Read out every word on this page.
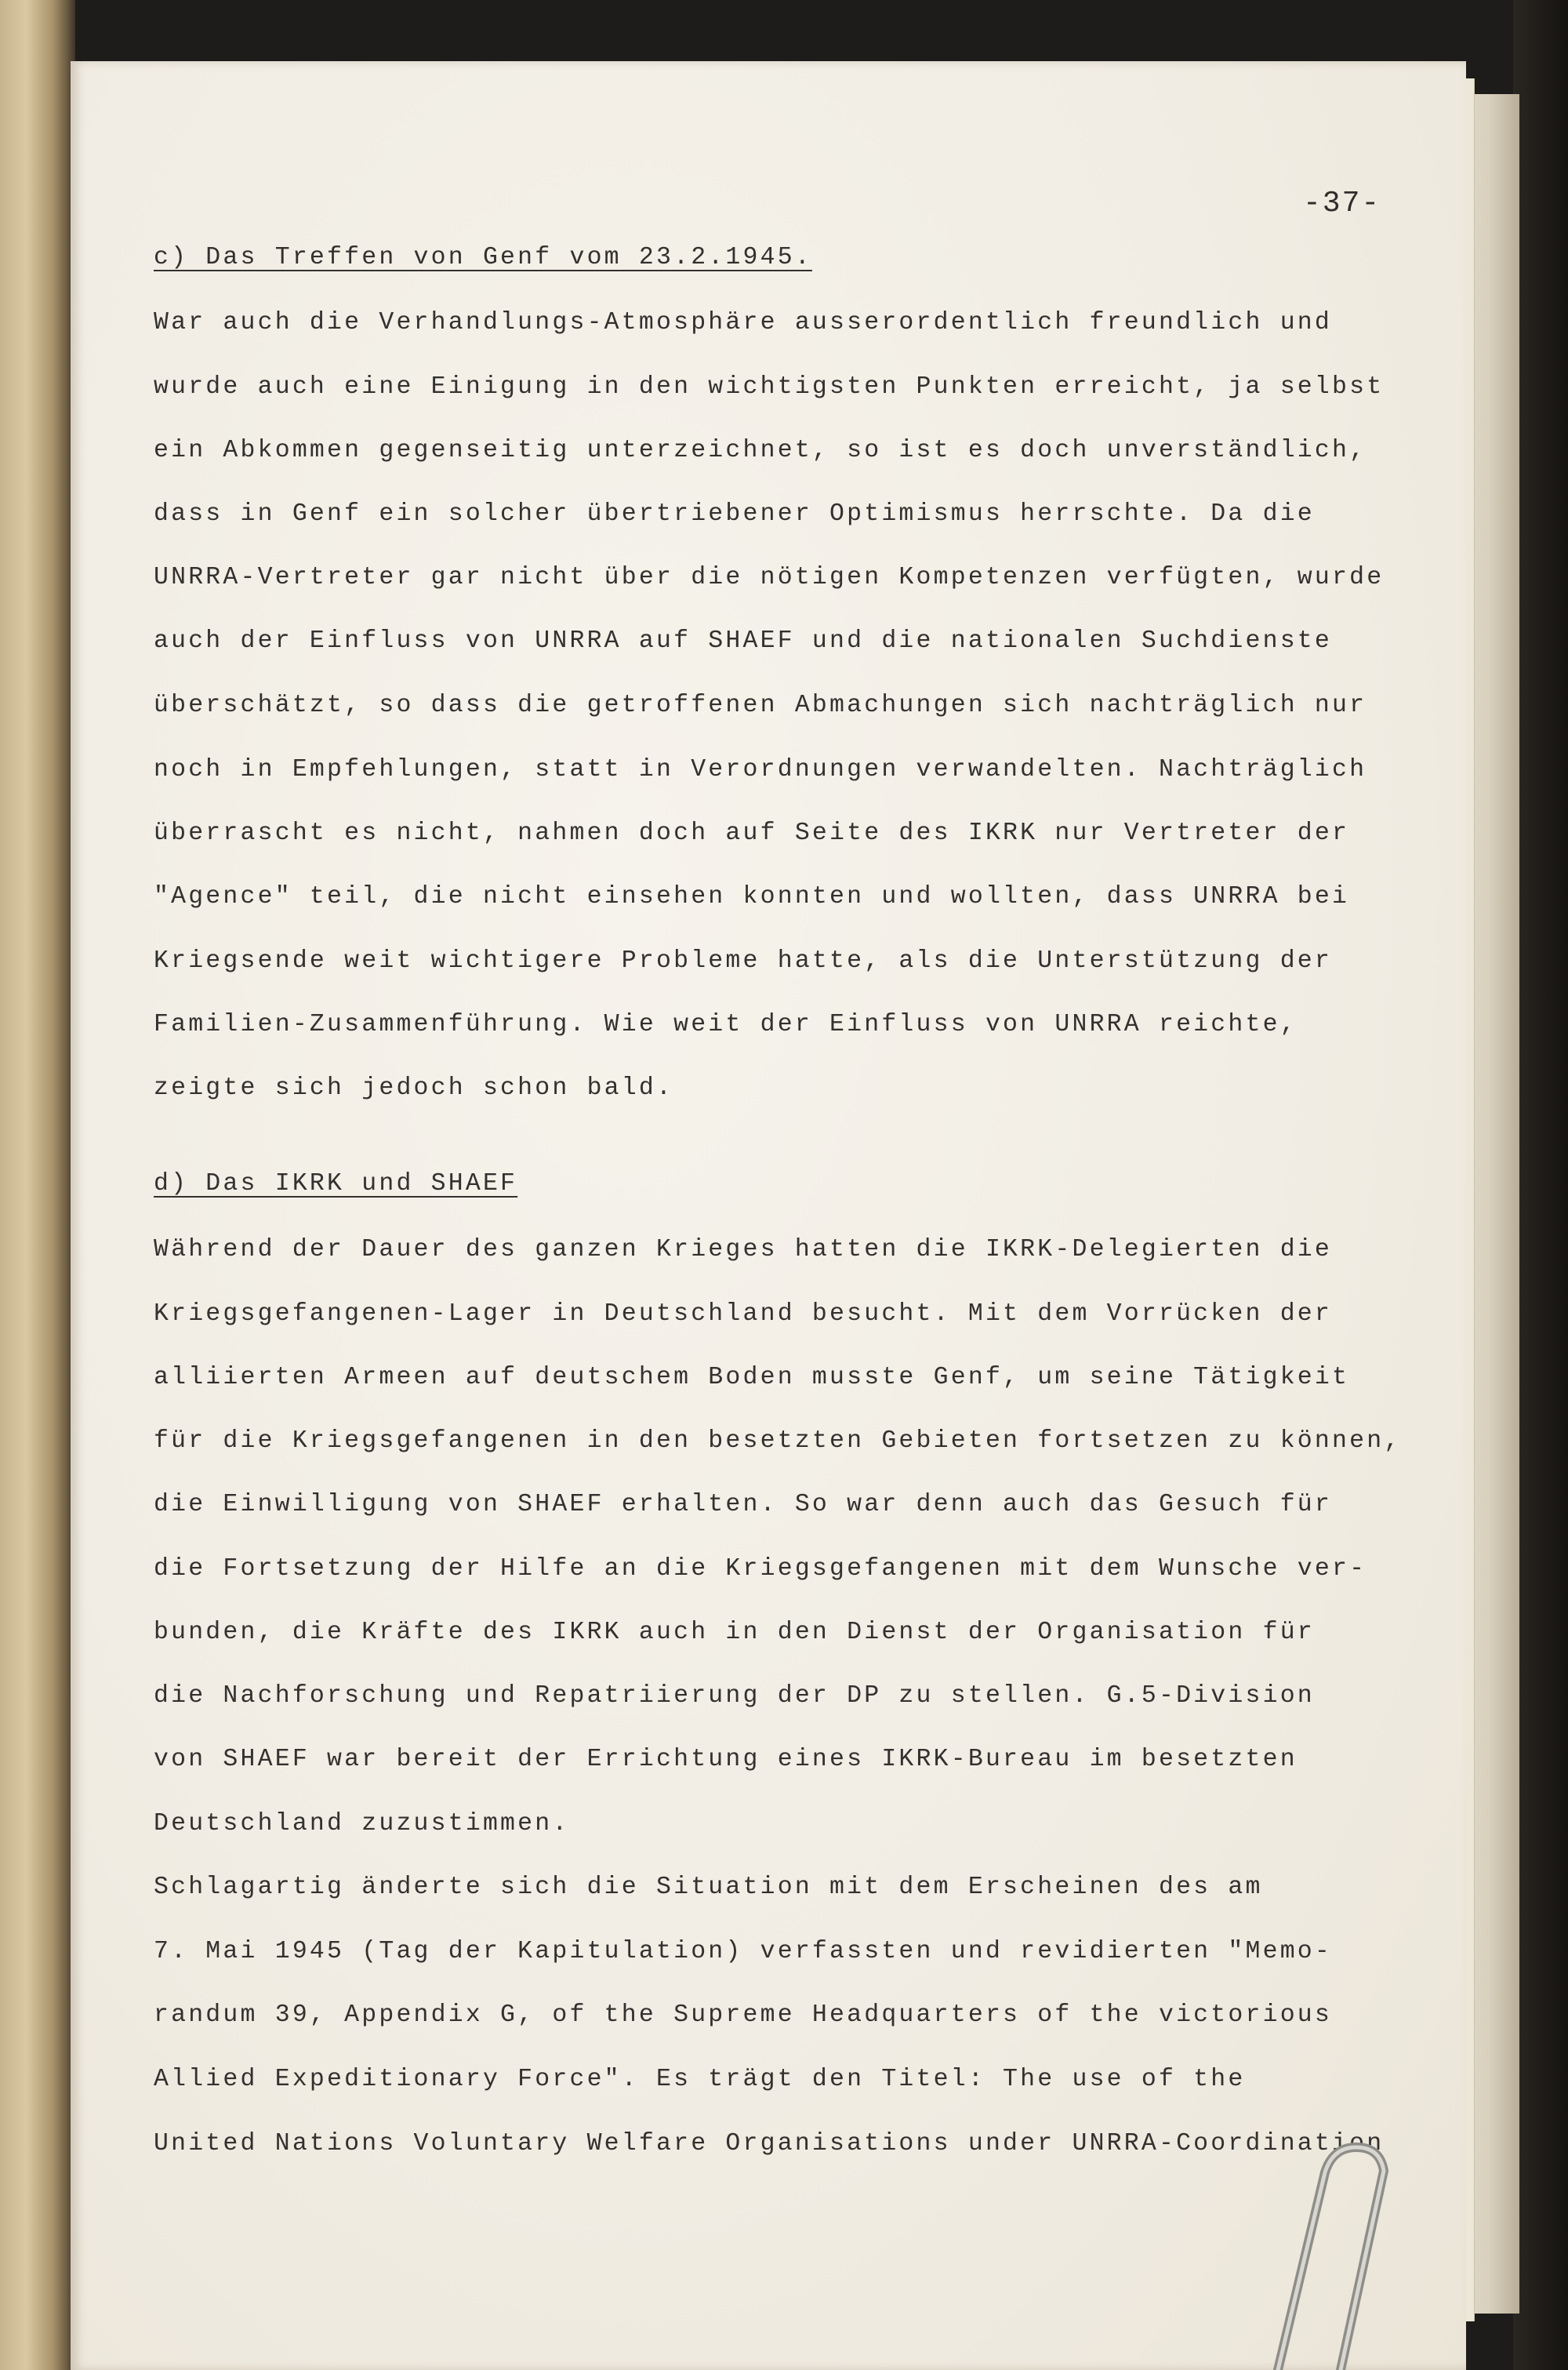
-37-
c) Das Treffen von Genf vom 23.2.1945.
War auch die Verhandlungs-Atmosphäre ausserordentlich freundlich und
wurde auch eine Einigung in den wichtigsten Punkten erreicht, ja selbst
ein Abkommen gegenseitig unterzeichnet, so ist es doch unverständlich,
dass in Genf ein solcher übertriebener Optimismus herrschte. Da die
UNRRA-Vertreter gar nicht über die nötigen Kompetenzen verfügten, wurde
auch der Einfluss von UNRRA auf SHAEF und die nationalen Suchdienste
überschätzt, so dass die getroffenen Abmachungen sich nachträglich nur
noch in Empfehlungen, statt in Verordnungen verwandelten. Nachträglich
überrascht es nicht, nahmen doch auf Seite des IKRK nur Vertreter der
"Agence" teil, die nicht einsehen konnten und wollten, dass UNRRA bei
Kriegsende weit wichtigere Probleme hatte, als die Unterstützung der
Familien-Zusammenführung. Wie weit der Einfluss von UNRRA reichte,
zeigte sich jedoch schon bald.
d) Das IKRK und SHAEF
Während der Dauer des ganzen Krieges hatten die IKRK-Delegierten die
Kriegsgefangenen-Lager in Deutschland besucht. Mit dem Vorrücken der
alliierten Armeen auf deutschem Boden musste Genf, um seine Tätigkeit
für die Kriegsgefangenen in den besetzten Gebieten fortsetzen zu können,
die Einwilligung von SHAEF erhalten. So war denn auch das Gesuch für
die Fortsetzung der Hilfe an die Kriegsgefangenen mit dem Wunsche ver-
bunden, die Kräfte des IKRK auch in den Dienst der Organisation für
die Nachforschung und Repatriierung der DP zu stellen. G.5-Division
von SHAEF war bereit der Errichtung eines IKRK-Bureau im besetzten
Deutschland zuzustimmen.
Schlagartig änderte sich die Situation mit dem Erscheinen des am
7. Mai 1945 (Tag der Kapitulation) verfassten und revidierten "Memo-
randum 39, Appendix G, of the Supreme Headquarters of the victorious
Allied Expeditionary Force". Es trägt den Titel: The use of the
United Nations Voluntary Welfare Organisations under UNRRA-Coordination
